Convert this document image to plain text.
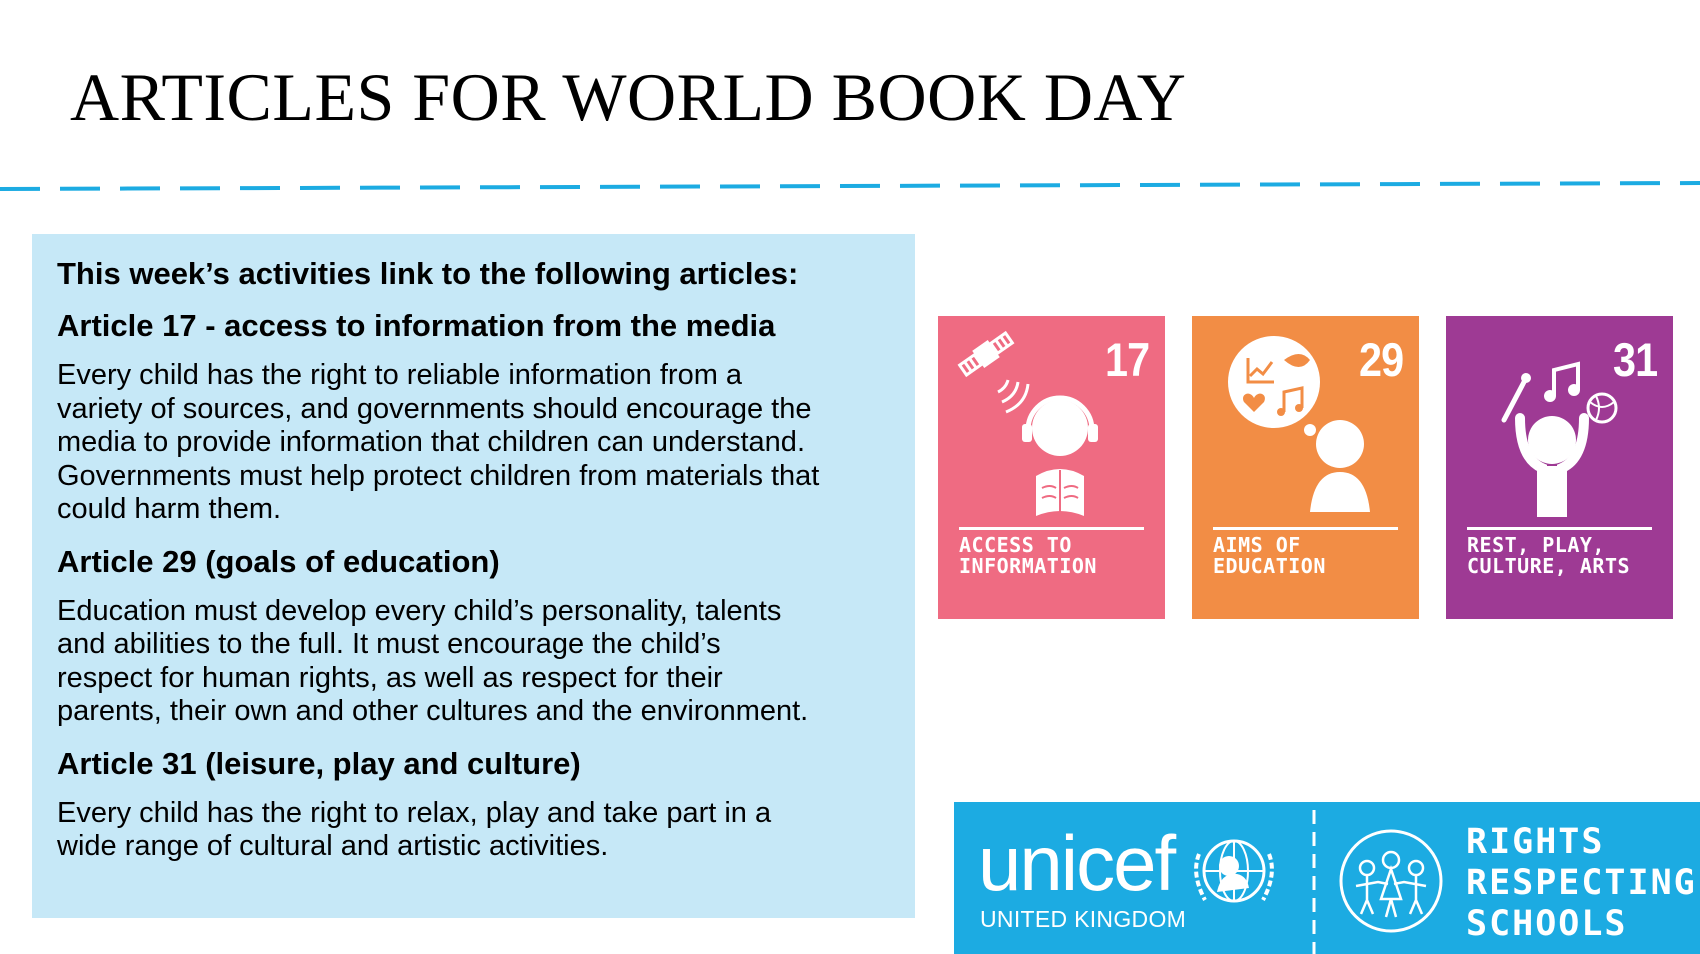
ARTICLES FOR WORLD BOOK DAY
This week’s activities link to the following articles:
Article 17 - access to information from the media

Every child has the right to reliable information from a
variety of sources, and governments should encourage the
media to provide information that children can understand.
Governments must help protect children from materials that
could harm them.

Article 29 (goals of education)

Education must develop every child’s personality, talents
and abilities to the full. It must encourage the child’s
respect for human rights, as well as respect for their
parents, their own and other cultures and the environment.

Article 31 (leisure, play and culture)

Every child has the right to relax, play and take part in a
wide range of cultural and artistic activities.

17
ACCESS TO
INFORMATION
29
AIMS OF
EDUCATION
31
REST, PLAY,
CULTURE, ARTS
unicef
UNITED KINGDOM
RIGHTS
RESPECTING
SCHOOLS
